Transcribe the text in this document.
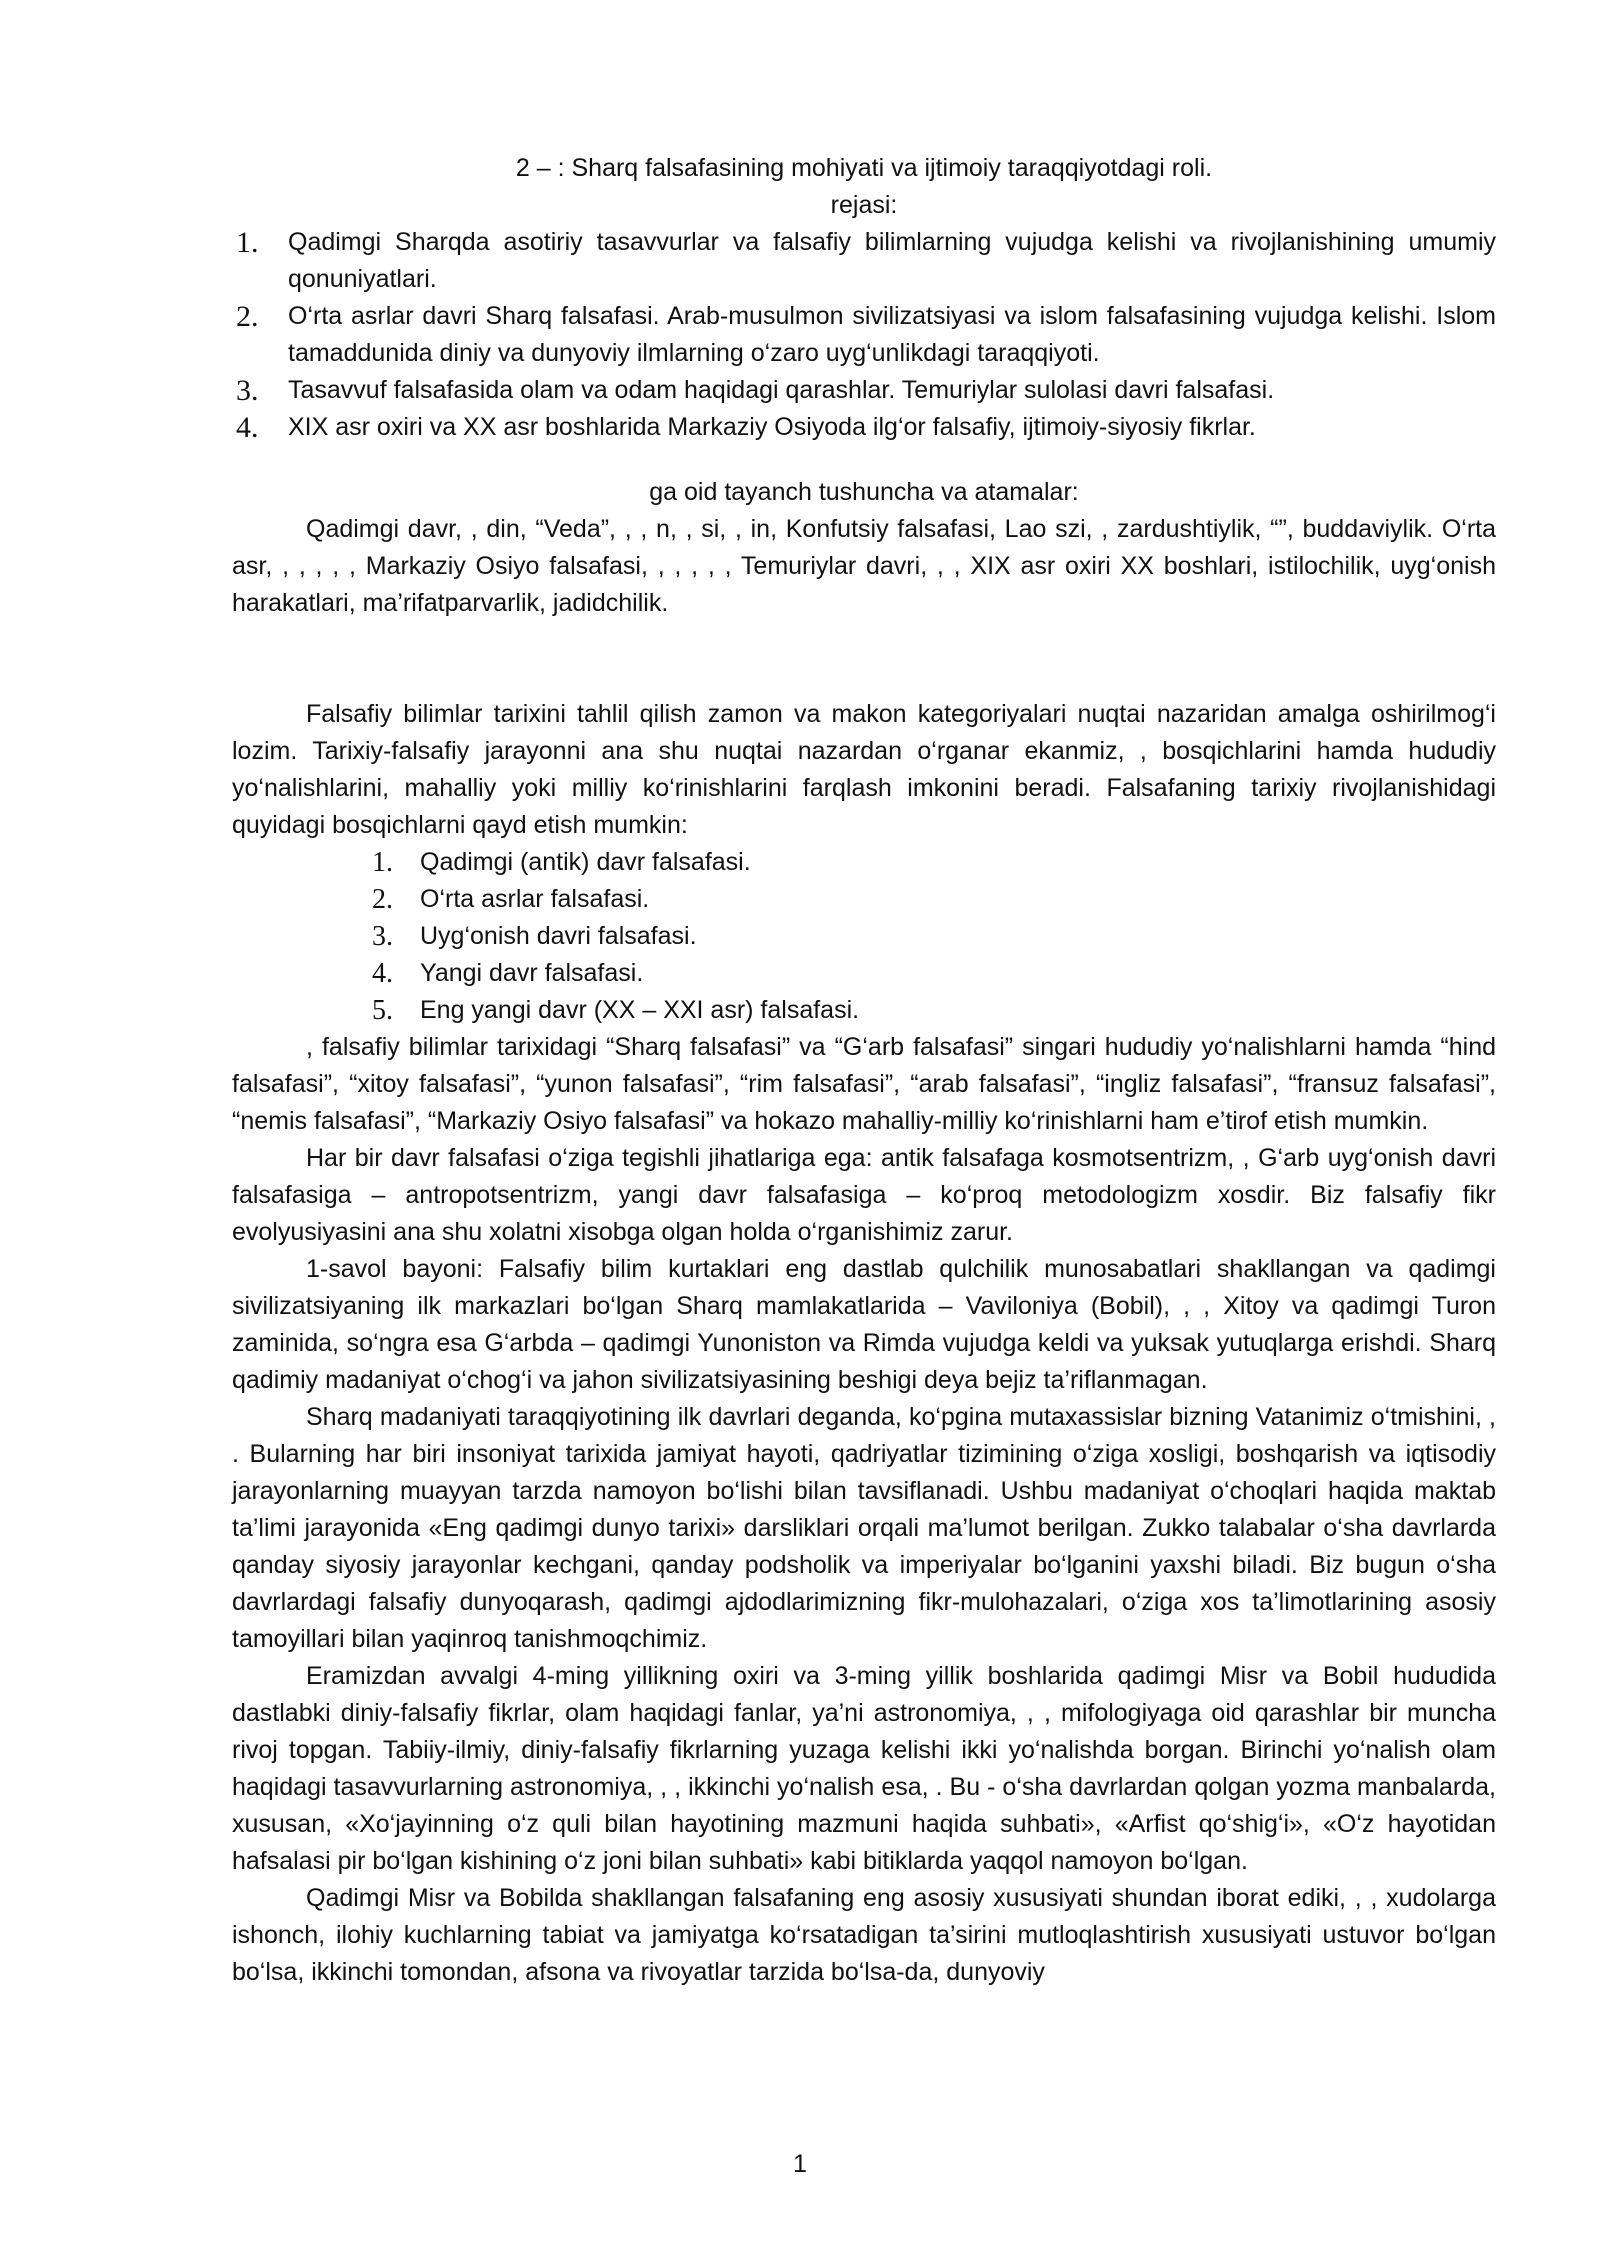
2 – : Sharq falsafasining mohiyati va ijtimoiy taraqqiyotdagi roli.

rejasi:

1. Qadimgi Sharqda asotiriy tasavvurlar va falsafiy bilimlarning vujudga kelishi va rivojlanishining umumiy qonuniyatlari.
2. O‘rta asrlar davri Sharq falsafasi. Arab-musulmon sivilizatsiyasi va islom falsafasining vujudga kelishi. Islom tamaddunida diniy va dunyoviy ilmlarning o‘zaro uyg‘unlikdagi taraqqiyoti.
3. Tasavvuf falsafasida olam va odam haqidagi qarashlar. Temuriylar sulolasi davri falsafasi.
4. XIX asr oxiri va XX asr boshlarida Markaziy Osiyoda ilg‘or falsafiy, ijtimoiy-siyosiy fikrlar.

ga oid tayanch tushuncha va atamalar:

Qadimgi davr, , din, “Veda”, , , n, , si, , in, Konfutsiy falsafasi, Lao szi, , zardushtiylik, “”, buddaviylik. O‘rta asr, , , , , , Markaziy Osiyo falsafasi, , , , , , Temuriylar davri, , , XIX asr oxiri XX boshlari, istilochilik, uyg‘onish harakatlari, ma’rifatparvarlik, jadidchilik.

Falsafiy bilimlar tarixini tahlil qilish zamon va makon kategoriyalari nuqtai nazaridan amalga oshirilmog‘i lozim. Tarixiy-falsafiy jarayonni ana shu nuqtai nazardan o‘rganar ekanmiz, , bosqichlarini hamda hududiy yo‘nalishlarini, mahalliy yoki milliy ko‘rinishlarini farqlash imkonini beradi. Falsafaning tarixiy rivojlanishidagi quyidagi bosqichlarni qayd etish mumkin:

1. Qadimgi (antik) davr falsafasi.
2. O‘rta asrlar falsafasi.
3. Uyg‘onish davri falsafasi.
4. Yangi davr falsafasi.
5. Eng yangi davr (XX – XXI asr) falsafasi.

, falsafiy bilimlar tarixidagi “Sharq falsafasi” va “G‘arb falsafasi” singari hududiy yo‘nalishlarni hamda “hind falsafasi”, “xitoy falsafasi”, “yunon falsafasi”, “rim falsafasi”, “arab falsafasi”, “ingliz falsafasi”, “fransuz falsafasi”, “nemis falsafasi”, “Markaziy Osiyo falsafasi” va hokazo mahalliy-milliy ko‘rinishlarni ham e’tirof etish mumkin.

Har bir davr falsafasi o‘ziga tegishli jihatlariga ega: antik falsafaga kosmotsentrizm, , G‘arb uyg‘onish davri falsafasiga – antropotsentrizm, yangi davr falsafasiga – ko‘proq metodologizm xosdir. Biz falsafiy fikr evolyusiyasini ana shu xolatni xisobga olgan holda o‘rganishimiz zarur.

1-savol bayoni: Falsafiy bilim kurtaklari eng dastlab qulchilik munosabatlari shakllangan va qadimgi sivilizatsiyaning ilk markazlari bo‘lgan Sharq mamlakatlarida – Vaviloniya (Bobil), , , Xitoy va qadimgi Turon zaminida, so‘ngra esa G‘arbda – qadimgi Yunoniston va Rimda vujudga keldi va yuksak yutuqlarga erishdi. Sharq qadimiy madaniyat o‘chog‘i va jahon sivilizatsiyasining beshigi deya bejiz ta’riflanmagan.

Sharq madaniyati taraqqiyotining ilk davrlari deganda, ko‘pgina mutaxassislar bizning Vatanimiz o‘tmishini, , . Bularning har biri insoniyat tarixida jamiyat hayoti, qadriyatlar tizimining o‘ziga xosligi, boshqarish va iqtisodiy jarayonlarning muayyan tarzda namoyon bo‘lishi bilan tavsiflanadi. Ushbu madaniyat o‘choqlari haqida maktab ta’limi jarayonida «Eng qadimgi dunyo tarixi» darsliklari orqali ma’lumot berilgan. Zukko talabalar o‘sha davrlarda qanday siyosiy jarayonlar kechgani, qanday podsholik va imperiyalar bo‘lganini yaxshi biladi. Biz bugun o‘sha davrlardagi falsafiy dunyoqarash, qadimgi ajdodlarimizning fikr-mulohazalari, o‘ziga xos ta’limotlarining asosiy tamoyillari bilan yaqinroq tanishmoqchimiz.

Eramizdan avvalgi 4-ming yillikning oxiri va 3-ming yillik boshlarida qadimgi Misr va Bobil hududida dastlabki diniy-falsafiy fikrlar, olam haqidagi fanlar, ya’ni astronomiya, , , mifologiyaga oid qarashlar bir muncha rivoj topgan. Tabiiy-ilmiy, diniy-falsafiy fikrlarning yuzaga kelishi ikki yo‘nalishda borgan. Birinchi yo‘nalish olam haqidagi tasavvurlarning astronomiya, , , ikkinchi yo‘nalish esa, . Bu - o‘sha davrlardan qolgan yozma manbalarda, xususan, «Xo‘jayinning o‘z quli bilan hayotining mazmuni haqida suhbati», «Arfist qo‘shig‘i», «O‘z hayotidan hafsalasi pir bo‘lgan kishining o‘z joni bilan suhbati» kabi bitiklarda yaqqol namoyon bo‘lgan.

Qadimgi Misr va Bobilda shakllangan falsafaning eng asosiy xususiyati shundan iborat ediki, , , xudolarga ishonch, ilohiy kuchlarning tabiat va jamiyatga ko‘rsatadigan ta’sirini mutloqlashtirish xususiyati ustuvor bo‘lgan bo‘lsa, ikkinchi tomondan, afsona va rivoyatlar tarzida bo‘lsa-da, dunyoviy

1
